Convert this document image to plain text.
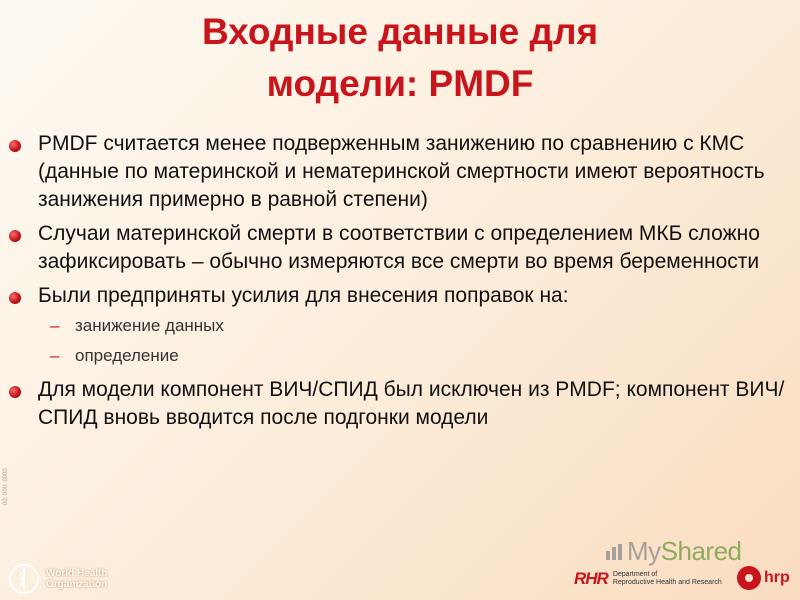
Входные данные для
модели: PMDF
PMDF считается менее подверженным занижению по сравнению с КМС (данные по материнской и нематеринской смертности имеют вероятность занижения примерно в равной степени)
Случаи материнской смерти в соответствии с определением МКБ сложно зафиксировать – обычно измеряются все смерти во время беременности
Были предприняты усилия для внесения поправок на:
– занижение данных
– определение
Для модели компонент ВИЧ/СПИД был исключен из PMDF; компонент ВИЧ/СПИД вновь вводится после подгонки модели
00. 000. 0000
World Health
Organization
MyShared
RHR Department of
Reproductive Health and Research	hrp
